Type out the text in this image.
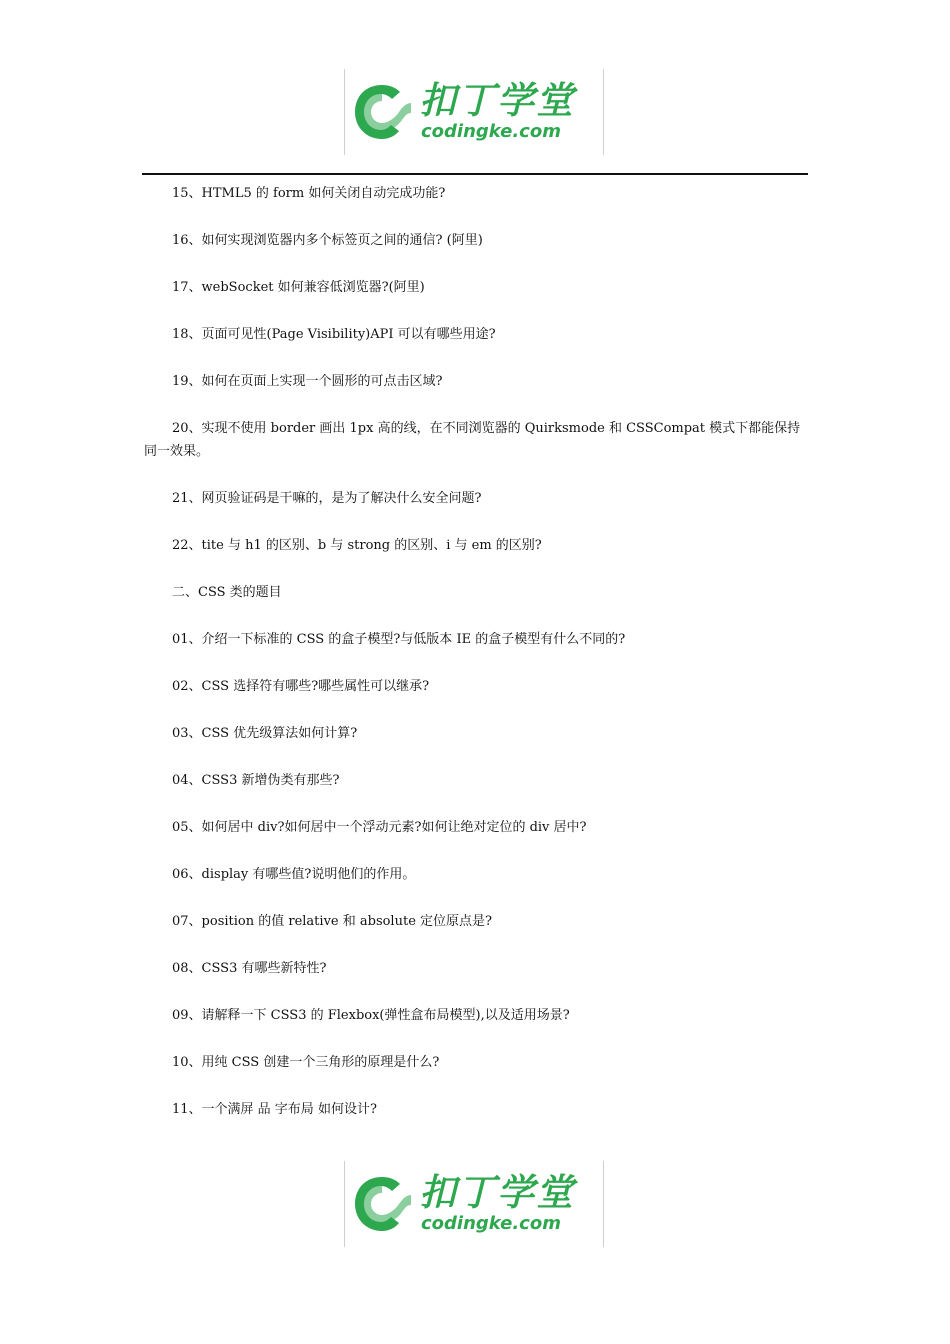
扣丁学堂
codingke.com

15、HTML5 的 form 如何关闭自动完成功能?

16、如何实现浏览器内多个标签页之间的通信? (阿里)

17、webSocket 如何兼容低浏览器?(阿里)

18、页面可见性(Page Visibility)API 可以有哪些用途?

19、如何在页面上实现一个圆形的可点击区域?

20、实现不使用 border 画出 1px 高的线，在不同浏览器的 Quirksmode 和 CSSCompat 模式下都能保持同一效果。

21、网页验证码是干嘛的，是为了解决什么安全问题?

22、tite 与 h1 的区别、b 与 strong 的区别、i 与 em 的区别?

二、CSS 类的题目

01、介绍一下标准的 CSS 的盒子模型?与低版本 IE 的盒子模型有什么不同的?

02、CSS 选择符有哪些?哪些属性可以继承?

03、CSS 优先级算法如何计算?

04、CSS3 新增伪类有那些?

05、如何居中 div?如何居中一个浮动元素?如何让绝对定位的 div 居中?

06、display 有哪些值?说明他们的作用。

07、position 的值 relative 和 absolute 定位原点是?

08、CSS3 有哪些新特性?

09、请解释一下 CSS3 的 Flexbox(弹性盒布局模型),以及适用场景?

10、用纯 CSS 创建一个三角形的原理是什么?

11、一个满屏 品 字布局 如何设计?

扣丁学堂
codingke.com
